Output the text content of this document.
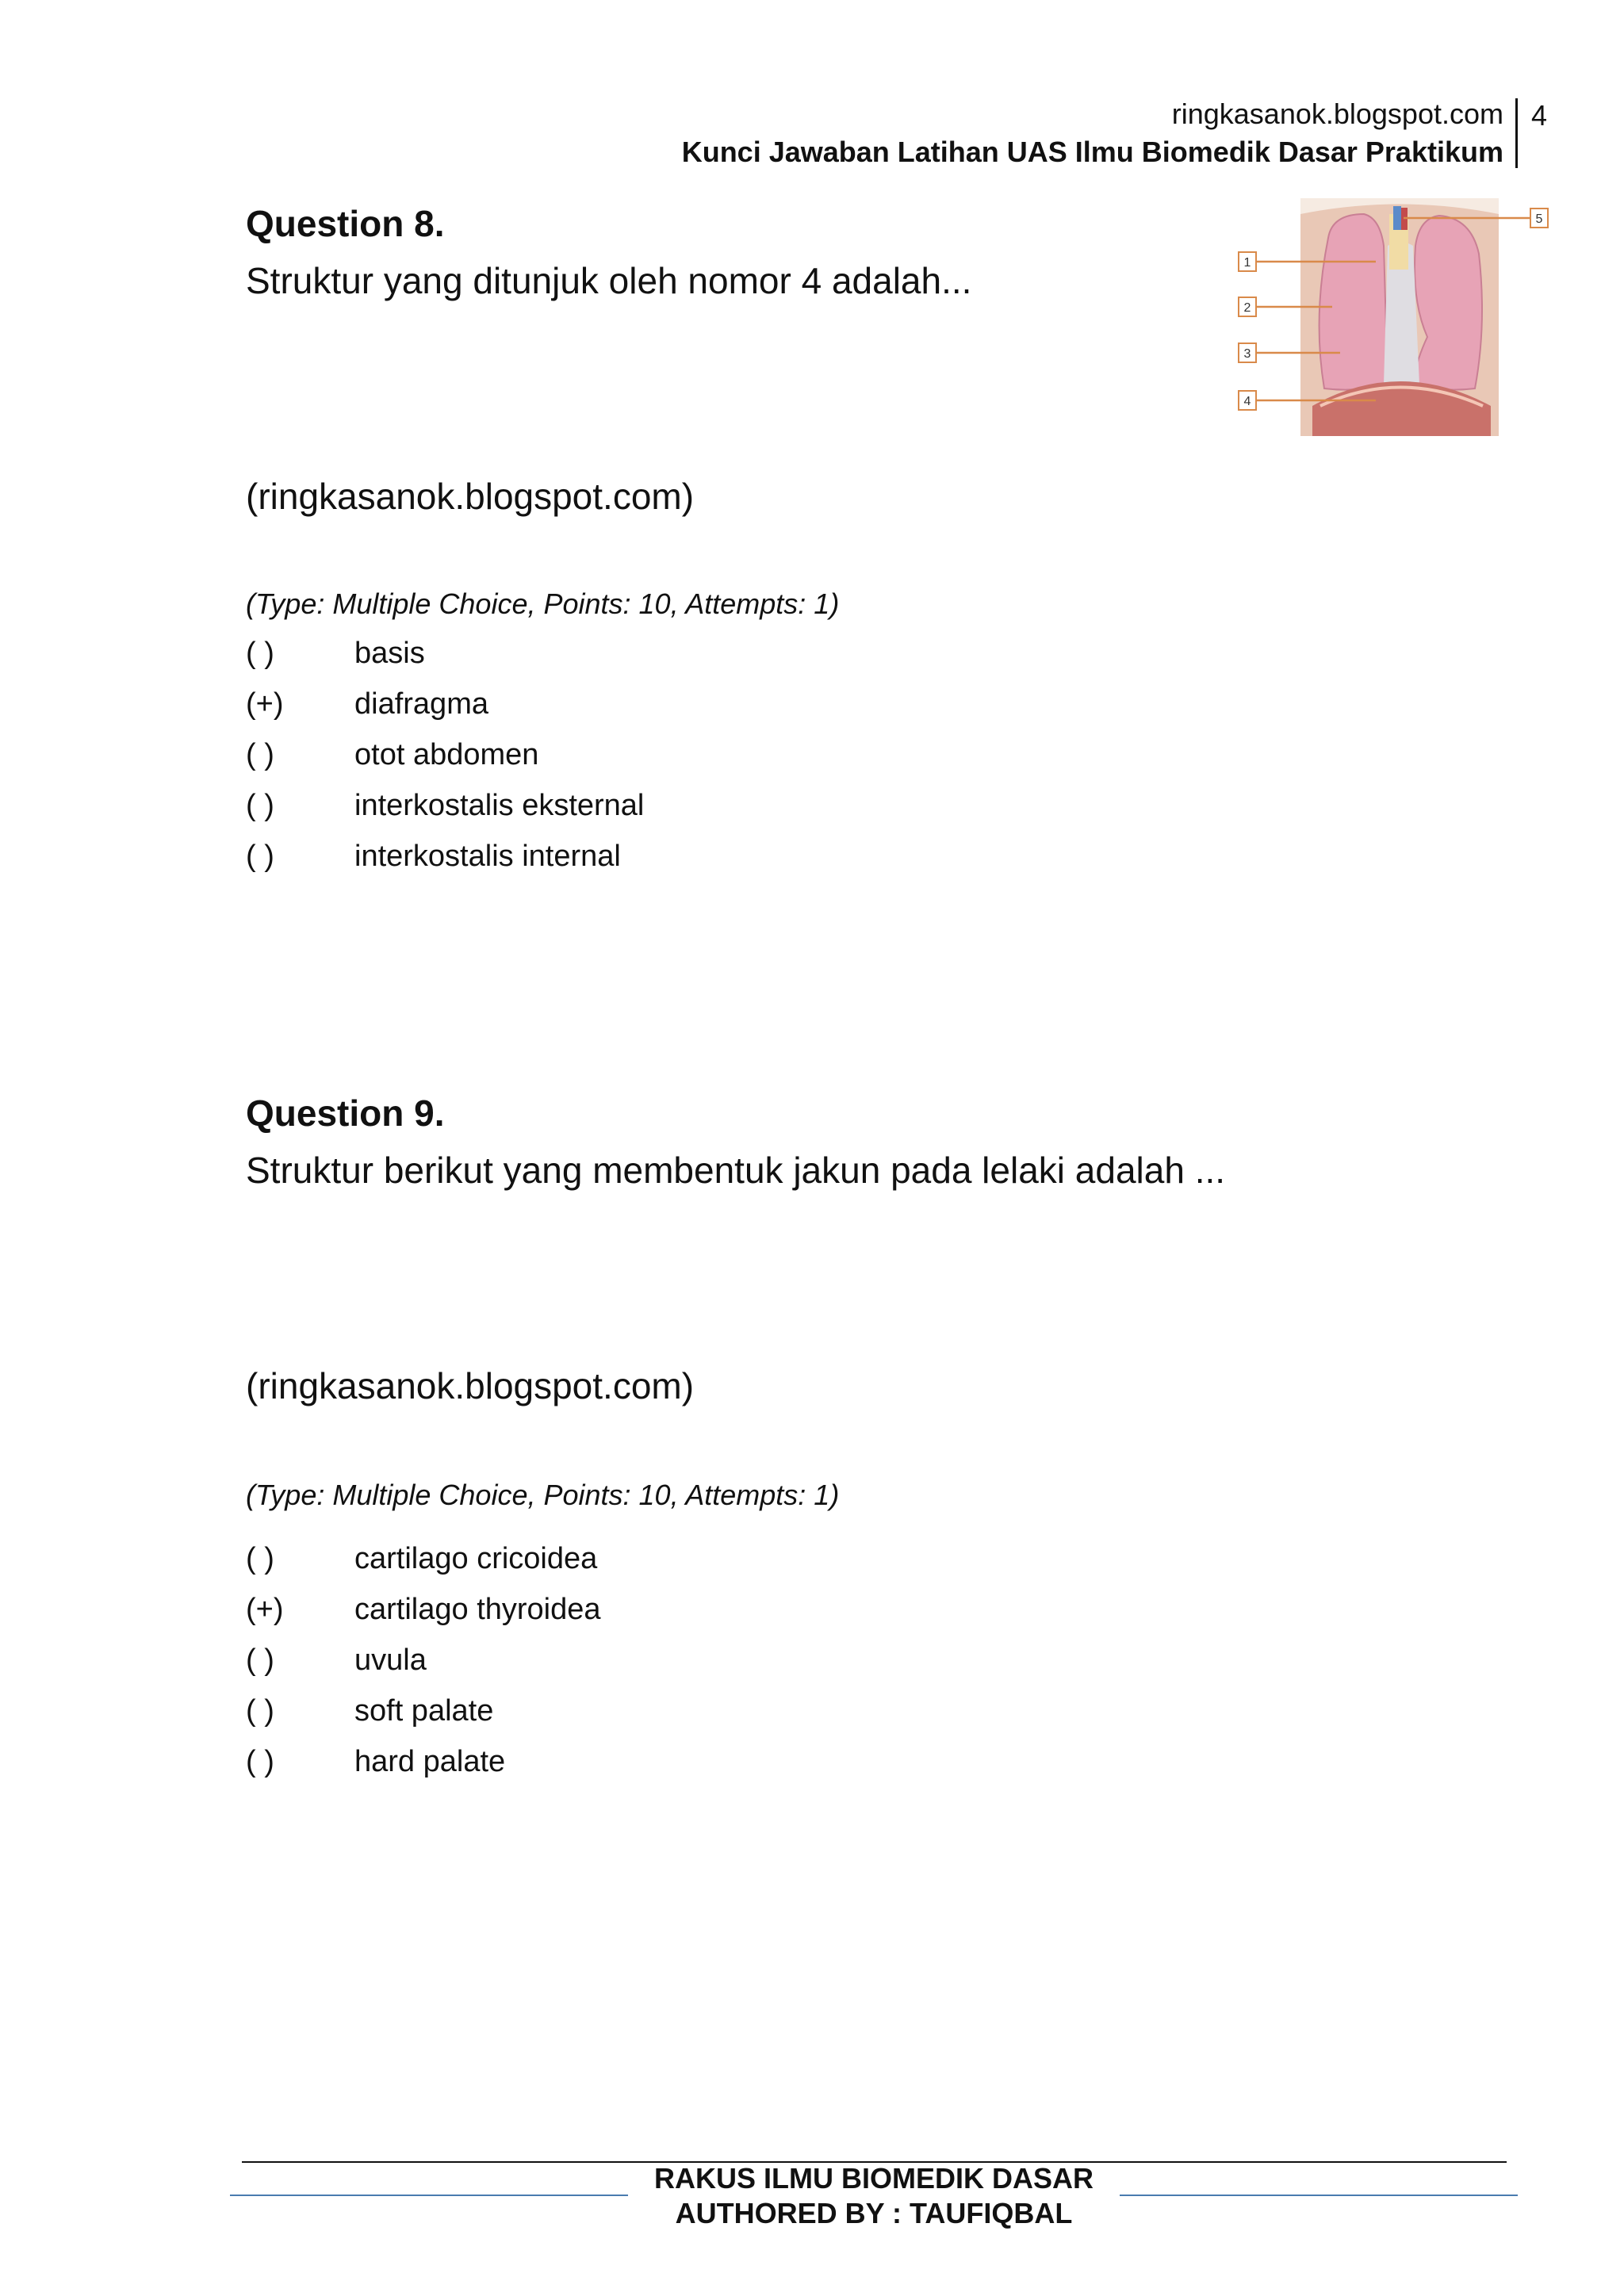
ringkasanok.blogspot.com
Kunci Jawaban Latihan UAS Ilmu Biomedik Dasar Praktikum
4

Question 8.

Struktur yang ditunjuk oleh nomor 4 adalah...

(ringkasanok.blogspot.com)
(Type: Multiple Choice, Points: 10, Attempts: 1)
( )	basis
(+)	diafragma
( )	otot abdomen
( )	interkostalis eksternal
( )	interkostalis internal
1
2
3
4
5

Question 9.

Struktur berikut yang membentuk jakun pada lelaki adalah ...

(ringkasanok.blogspot.com)
(Type: Multiple Choice, Points: 10, Attempts: 1)
( )	cartilago cricoidea
(+)	cartilago thyroidea
( )	uvula
( )	soft palate
( )	hard palate
RAKUS ILMU BIOMEDIK DASAR
AUTHORED BY : TAUFIQBAL
